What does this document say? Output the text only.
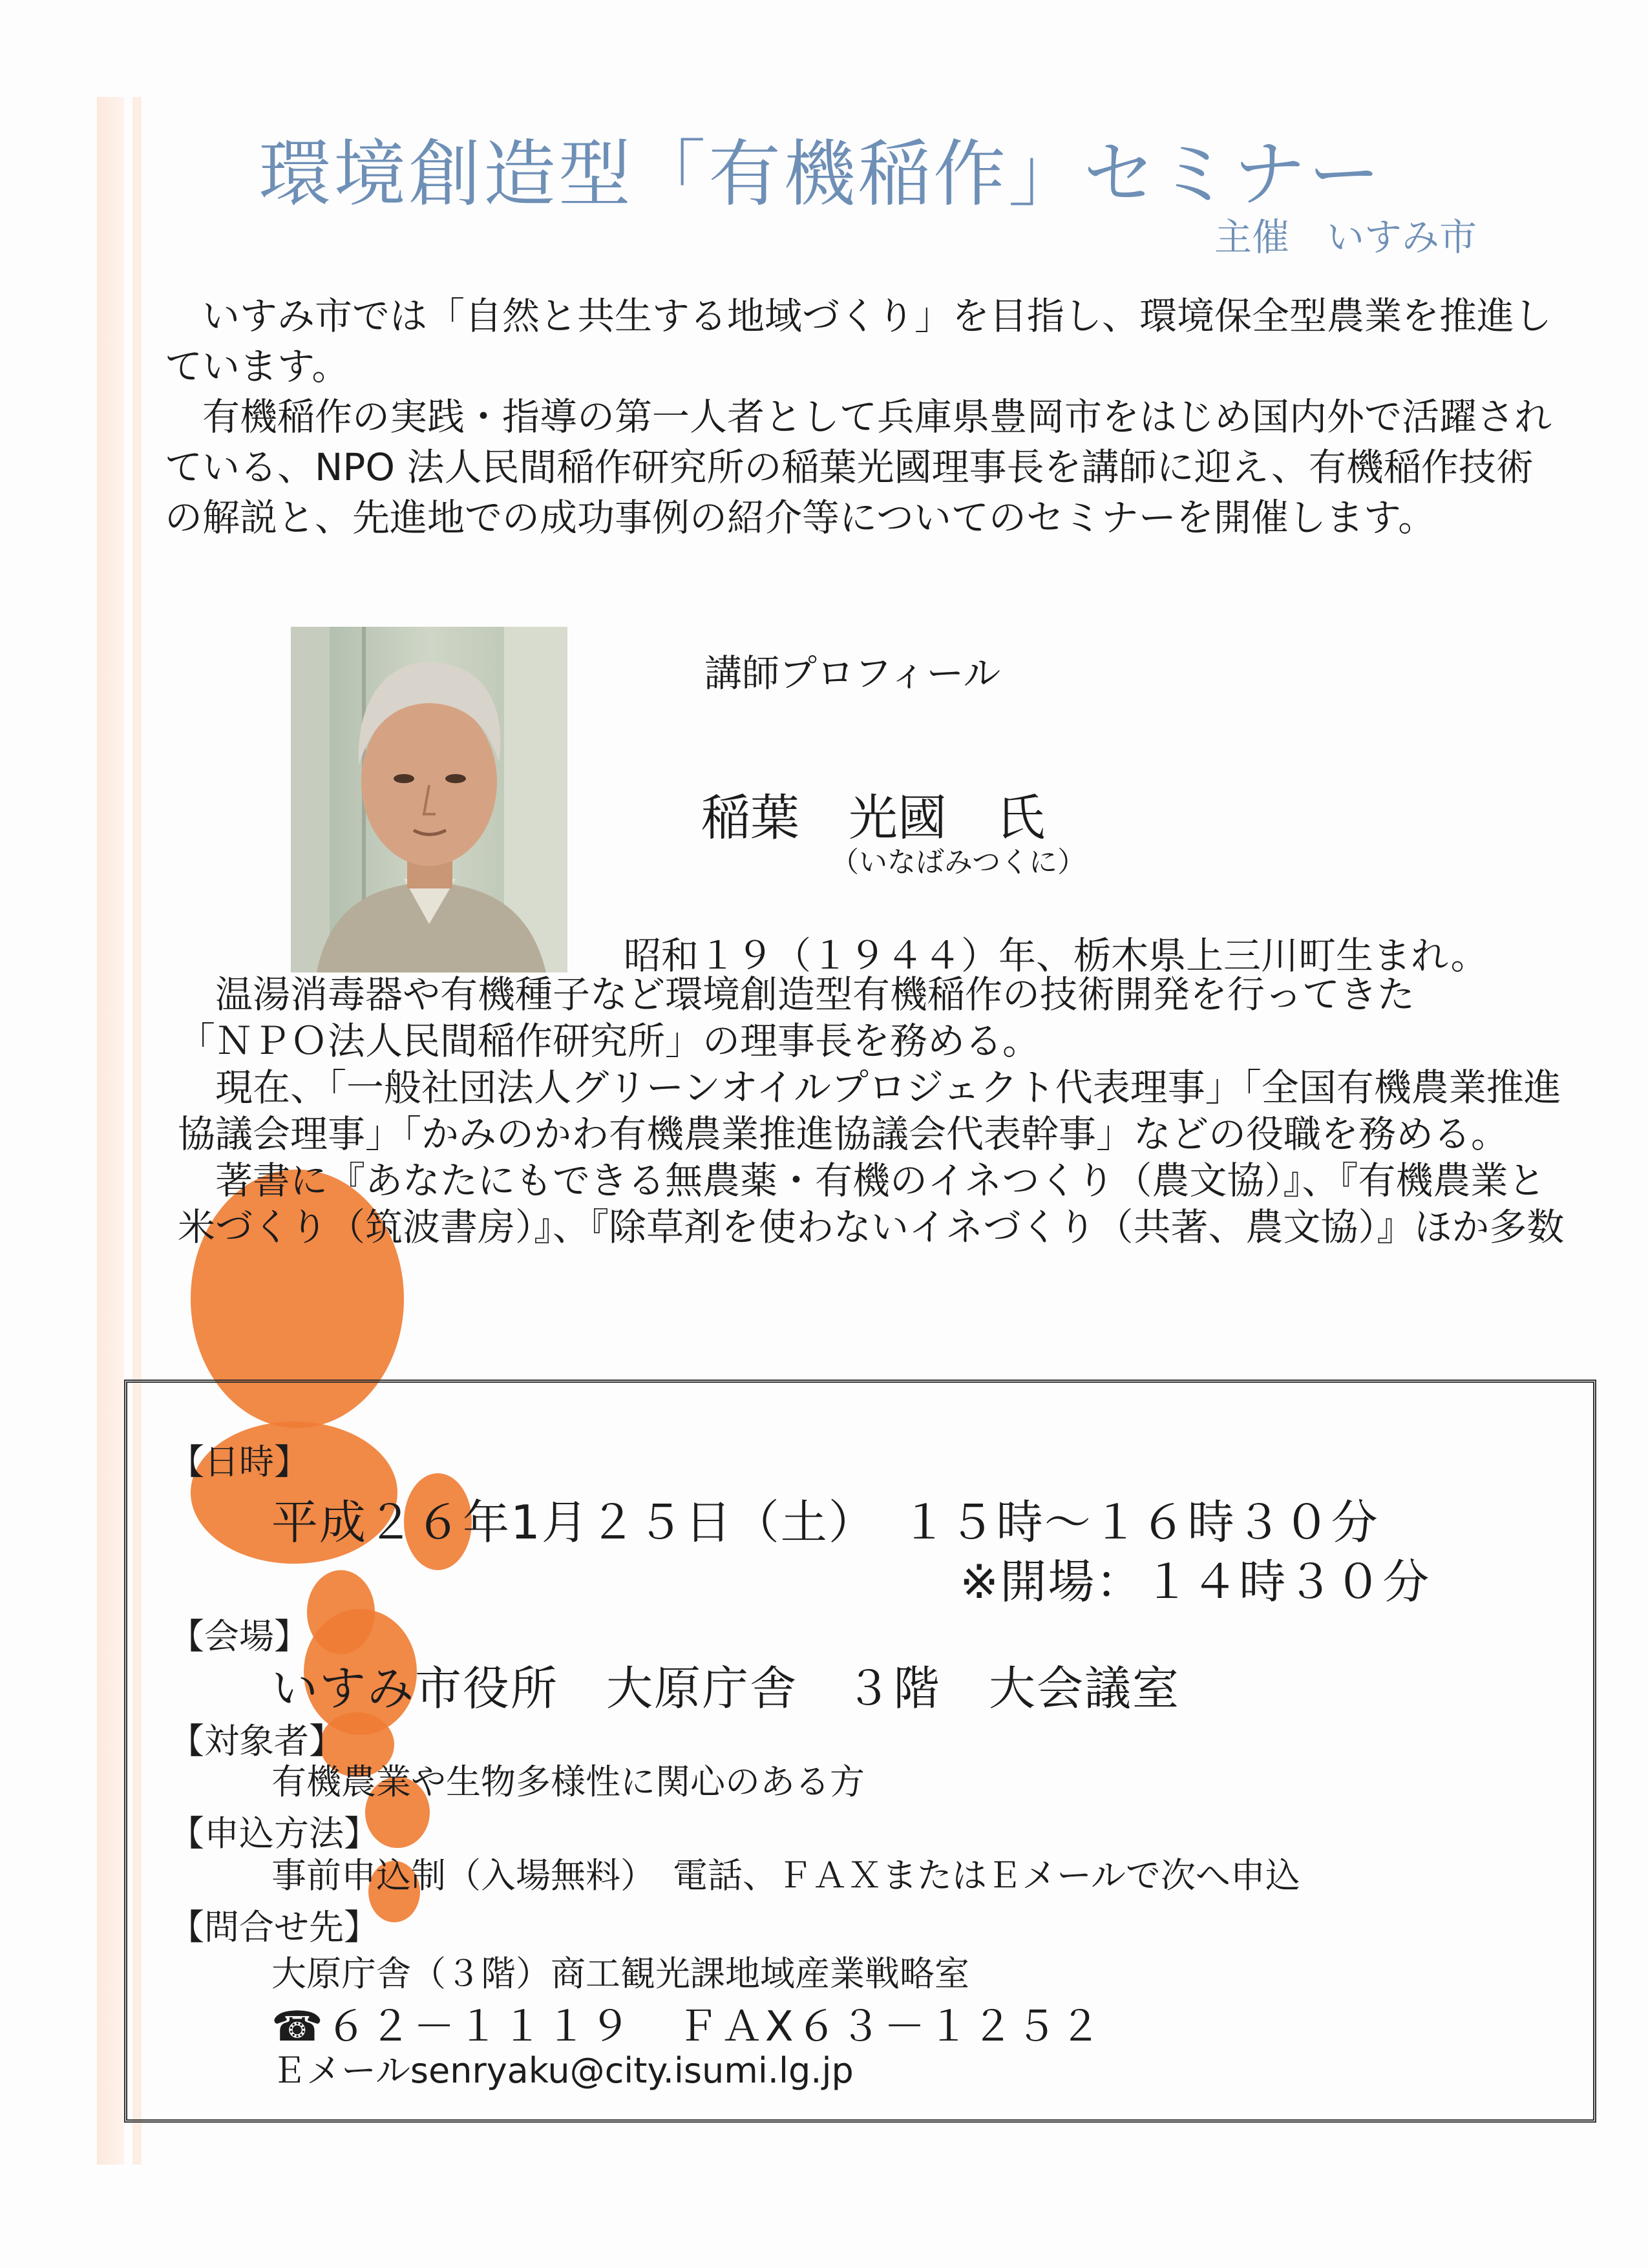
環境創造型「有機稲作」セミナー
主催　いすみ市

いすみ市では「自然と共生する地域づくり」を目指し、環境保全型農業を推進しています。

有機稲作の実践・指導の第一人者として兵庫県豊岡市をはじめ国内外で活躍されている、NPO 法人民間稲作研究所の稲葉光國理事長を講師に迎え、有機稲作技術の解説と、先進地での成功事例の紹介等についてのセミナーを開催します。

講師プロフィール
稲葉　光國　氏
（いなばみつくに）
昭和１９（１９４４）年、栃木県上三川町生まれ。

温湯消毒器や有機種子など環境創造型有機稲作の技術開発を行ってきた

「ＮＰＯ法人民間稲作研究所」の理事長を務める。

現在、「一般社団法人グリーンオイルプロジェクト代表理事」「全国有機農業推進協議会理事」「かみのかわ有機農業推進協議会代表幹事」などの役職を務める。

著書に『あなたにもできる無農薬・有機のイネつくり（農文協）』、『有機農業と米づくり（筑波書房）』、『除草剤を使わないイネづくり（共著、農文協）』ほか多数

【日時】
平成２６年1月２５日（土）　１５時～１６時３０分
※開場：１４時３０分
【会場】
いすみ市役所　大原庁舎　３階　大会議室
【対象者】
有機農業や生物多様性に関心のある方
【申込方法】
事前申込制（入場無料）　電話、ＦＡＸまたはＥメールで次へ申込
【問合せ先】
大原庁舎（３階）商工観光課地域産業戦略室
☎６２－１１１９　ＦＡX６３－１２５２
Ｅメールsenryaku@city.isumi.lg.jp
